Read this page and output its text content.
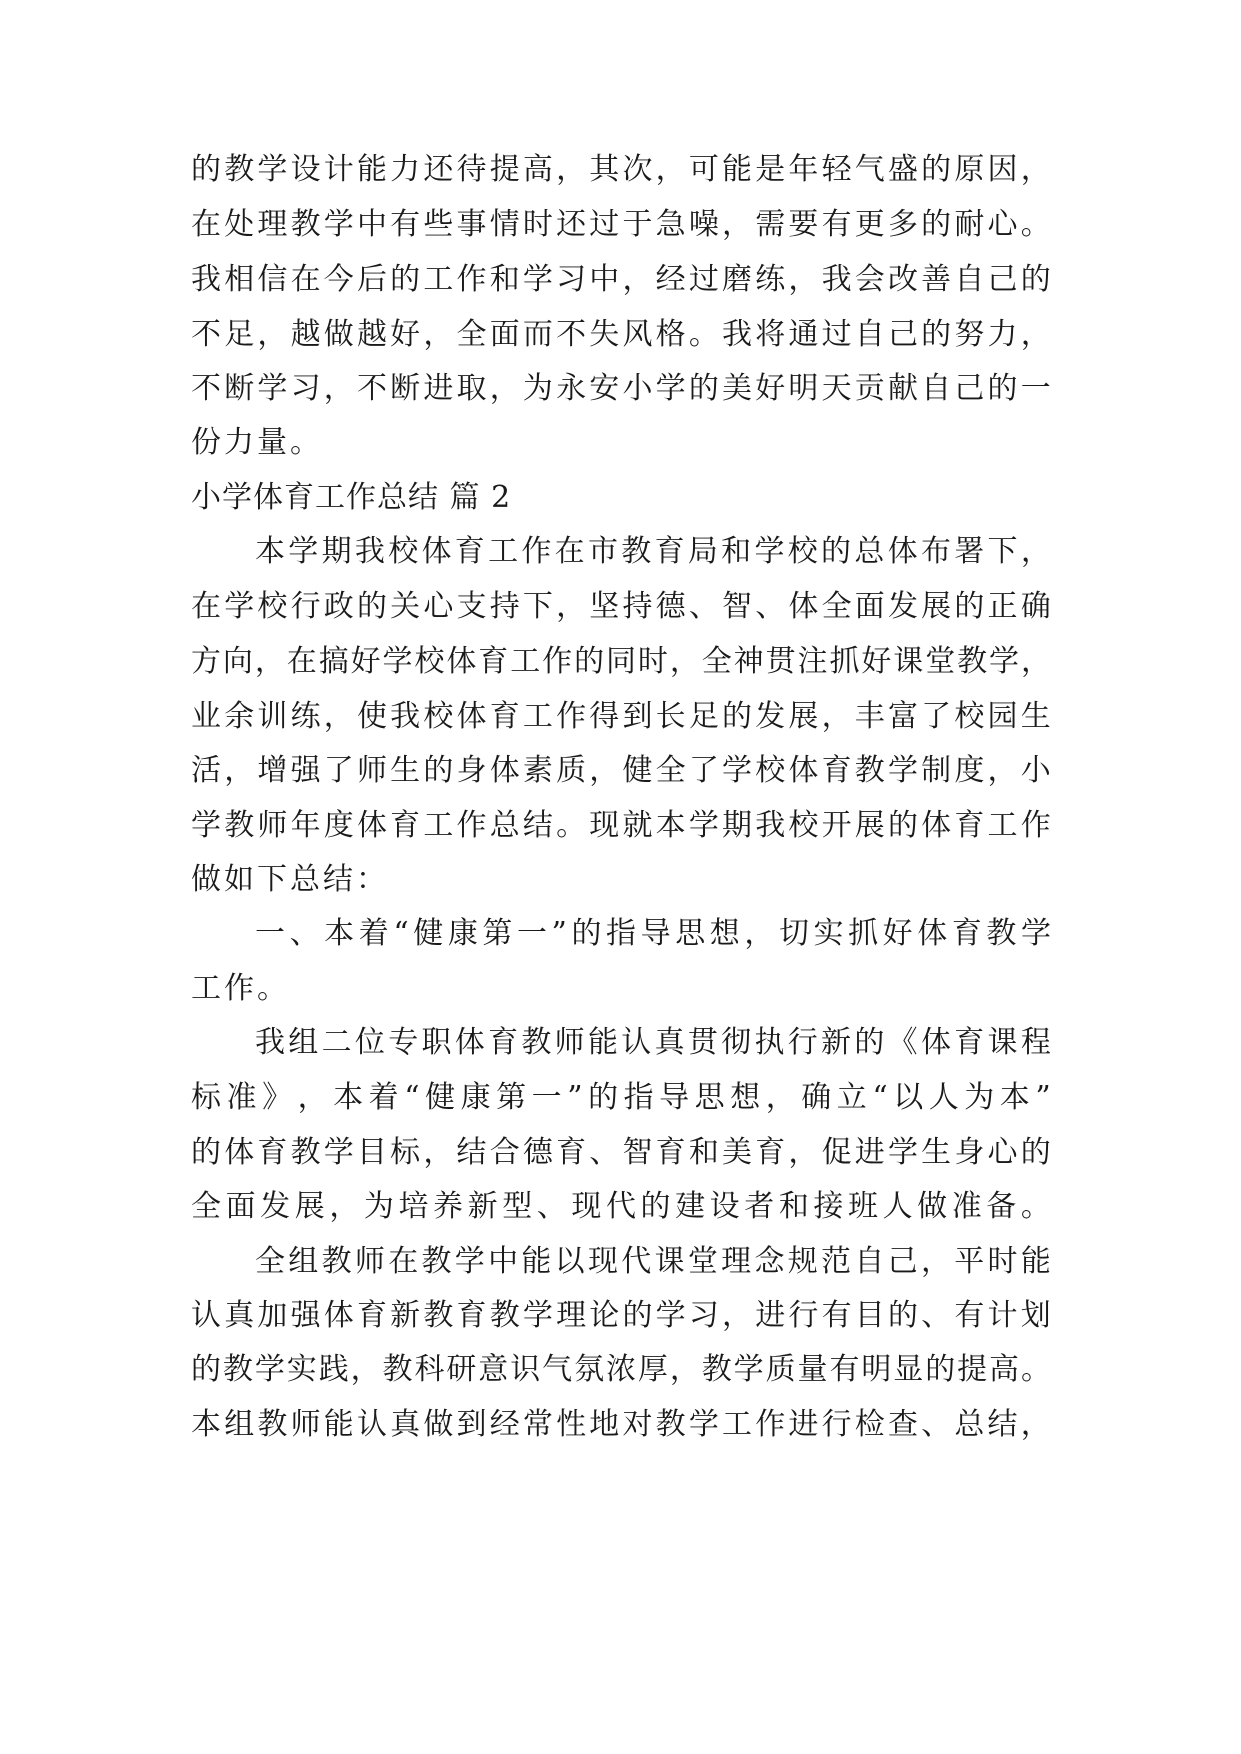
的 教 学 设 计 能 力 还 待 提 高 ， 其 次 ， 可 能 是 年 轻 气 盛 的 原 因 ，
在 处 理 教 学 中 有 些 事 情 时 还 过 于 急 噪 ， 需 要 有 更 多 的 耐 心 。
我 相 信 在 今 后 的 工 作 和 学 习 中 ， 经 过 磨 练 ， 我 会 改 善 自 己 的
不 足 ， 越 做 越 好 ， 全 面 而 不 失 风 格 。 我 将 通 过 自 己 的 努 力 ，
不 断 学 习 ， 不 断 进 取 ， 为 永 安 小 学 的 美 好 明 天 贡 献 自 己 的 一
份力量。
小学体育工作总结 篇 2
本 学 期 我 校 体 育 工 作 在 市 教 育 局 和 学 校 的 总 体 布 署 下 ，
在 学 校 行 政 的 关 心 支 持 下 ， 坚 持 德 、 智 、 体 全 面 发 展 的 正 确
方 向 ， 在 搞 好 学 校 体 育 工 作 的 同 时 ， 全 神 贯 注 抓 好 课 堂 教 学 ，
业 余 训 练 ， 使 我 校 体 育 工 作 得 到 长 足 的 发 展 ， 丰 富 了 校 园 生
活 ， 增 强 了 师 生 的 身 体 素 质 ， 健 全 了 学 校 体 育 教 学 制 度 ， 小
学 教 师 年 度 体 育 工 作 总 结 。 现 就 本 学 期 我 校 开 展 的 体 育 工 作
做如下总结：
一 、 本 着 “ 健 康 第 一 ” 的 指 导 思 想 ， 切 实 抓 好 体 育 教 学
工作。
我 组 二 位 专 职 体 育 教 师 能 认 真 贯 彻 执 行 新 的 《 体 育 课 程
标 准 》 ， 本 着 “ 健 康 第 一 ” 的 指 导 思 想 ， 确 立 “ 以 人 为 本 ”
的 体 育 教 学 目 标 ， 结 合 德 育 、 智 育 和 美 育 ， 促 进 学 生 身 心 的
全 面 发 展 ， 为 培 养 新 型 、 现 代 的 建 设 者 和 接 班 人 做 准 备 。
全 组 教 师 在 教 学 中 能 以 现 代 课 堂 理 念 规 范 自 己 ， 平 时 能
认 真 加 强 体 育 新 教 育 教 学 理 论 的 学 习 ， 进 行 有 目 的 、 有 计 划
的 教 学 实 践 ， 教 科 研 意 识 气 氛 浓 厚 ， 教 学 质 量 有 明 显 的 提 高 。
本 组 教 师 能 认 真 做 到 经 常 性 地 对 教 学 工 作 进 行 检 查 、 总 结 ，
